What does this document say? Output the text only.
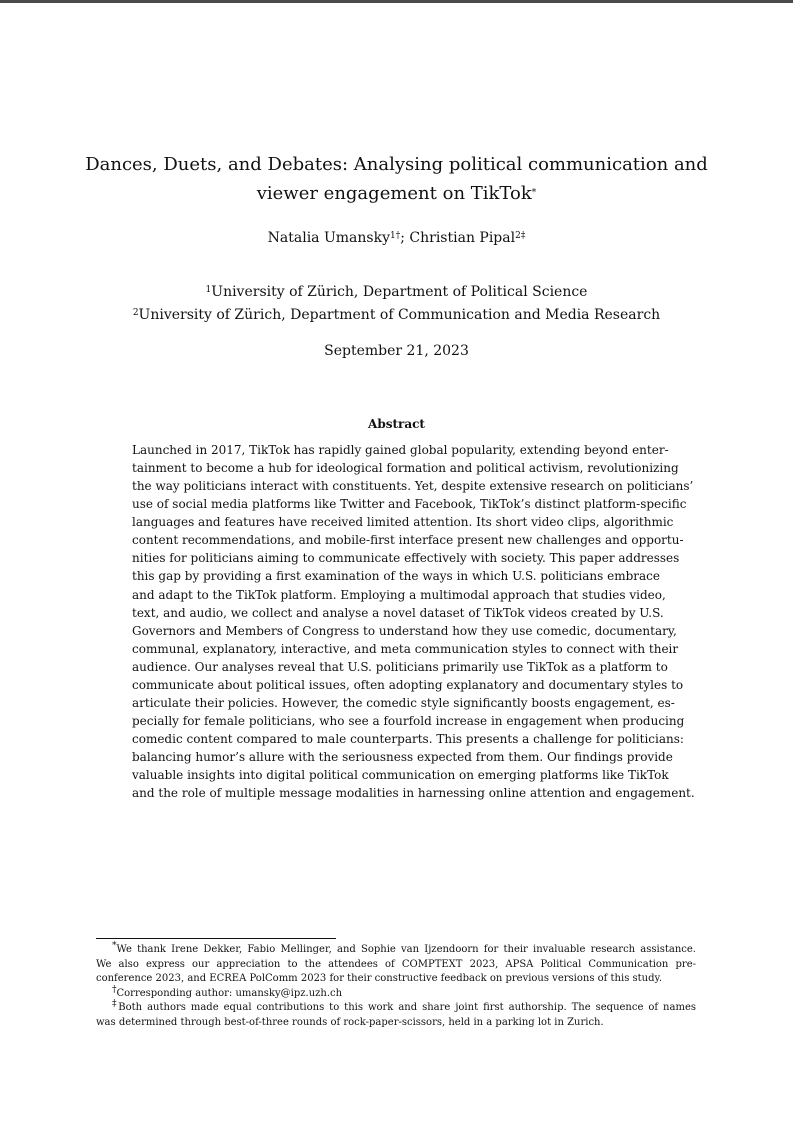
Dances, Duets, and Debates: Analysing political communication and
viewer engagement on TikTok*
Natalia Umansky$^{1\dagger}$; Christian Pipal$^{2\ddagger}$
$^1$University of Zürich, Department of Political Science
$^2$University of Zürich, Department of Communication and Media Research
September 21, 2023
Abstract
Launched in 2017, TikTok has rapidly gained global popularity, extending beyond enter-
tainment to become a hub for ideological formation and political activism, revolutionizing
the way politicians interact with constituents. Yet, despite extensive research on politicians’
use of social media platforms like Twitter and Facebook, TikTok’s distinct platform-specific
languages and features have received limited attention. Its short video clips, algorithmic
content recommendations, and mobile-first interface present new challenges and opportu-
nities for politicians aiming to communicate effectively with society. This paper addresses
this gap by providing a first examination of the ways in which U.S. politicians embrace
and adapt to the TikTok platform. Employing a multimodal approach that studies video,
text, and audio, we collect and analyse a novel dataset of TikTok videos created by U.S.
Governors and Members of Congress to understand how they use comedic, documentary,
communal, explanatory, interactive, and meta communication styles to connect with their
audience. Our analyses reveal that U.S. politicians primarily use TikTok as a platform to
communicate about political issues, often adopting explanatory and documentary styles to
articulate their policies. However, the comedic style significantly boosts engagement, es-
pecially for female politicians, who see a fourfold increase in engagement when producing
comedic content compared to male counterparts. This presents a challenge for politicians:
balancing humor’s allure with the seriousness expected from them. Our findings provide
valuable insights into digital political communication on emerging platforms like TikTok
and the role of multiple message modalities in harnessing online attention and engagement.
*We thank Irene Dekker, Fabio Mellinger, and Sophie van Ijzendoorn for their invaluable research assistance.
We also express our appreciation to the attendees of COMPTEXT 2023, APSA Political Communication pre-
conference 2023, and ECREA PolComm 2023 for their constructive feedback on previous versions of this study.
†Corresponding author: umansky@ipz.uzh.ch
‡Both authors made equal contributions to this work and share joint first authorship. The sequence of names
was determined through best-of-three rounds of rock-paper-scissors, held in a parking lot in Zurich.
